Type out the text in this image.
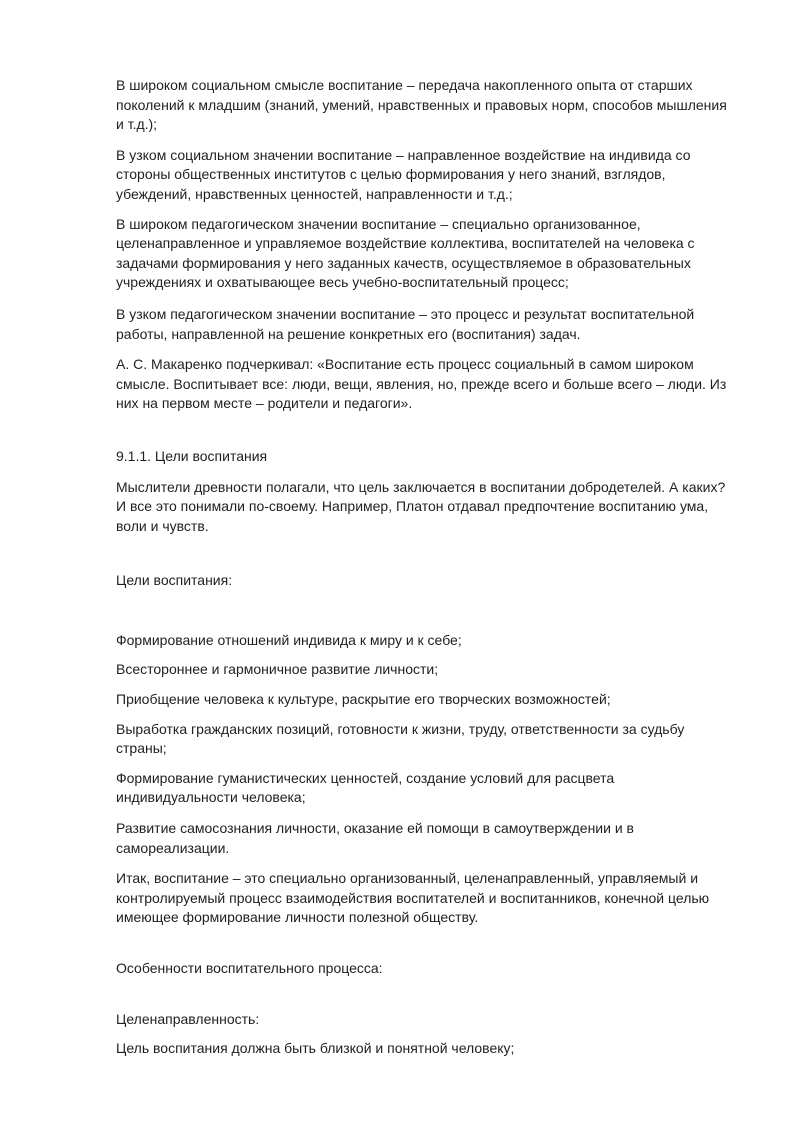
В широком социальном смысле воспитание – передача накопленного опыта от старших поколений к младшим (знаний, умений, нравственных и правовых норм, способов мышления и т.д.);

В узком социальном значении воспитание – направленное воздействие на индивида со стороны общественных институтов с целью формирования у него знаний, взглядов, убеждений, нравственных ценностей, направленности и т.д.;

В широком педагогическом значении воспитание – специально организованное, целенаправленное и управляемое воздействие коллектива, воспитателей на человека с задачами формирования у него заданных качеств, осуществляемое в образовательных учреждениях и охватывающее весь учебно-воспитательный процесс;

В узком педагогическом значении воспитание – это процесс и результат воспитательной работы, направленной на решение конкретных его (воспитания) задач.

А. С. Макаренко подчеркивал: «Воспитание есть процесс социальный в самом широком смысле. Воспитывает все: люди, вещи, явления, но, прежде всего и больше всего – люди. Из них на первом месте – родители и педагоги».

9.1.1. Цели воспитания

Мыслители древности полагали, что цель заключается в воспитании добродетелей. А каких? И все это понимали по-своему. Например, Платон отдавал предпочтение воспитанию ума, воли и чувств.

Цели воспитания:

Формирование отношений индивида к миру и к себе;

Всестороннее и гармоничное развитие личности;

Приобщение человека к культуре, раскрытие его творческих возможностей;

Выработка гражданских позиций, готовности к жизни, труду, ответственности за судьбу страны;

Формирование гуманистических ценностей, создание условий для расцвета индивидуальности человека;

Развитие самосознания личности, оказание ей помощи в самоутверждении и в самореализации.

Итак, воспитание – это специально организованный, целенаправленный, управляемый и контролируемый процесс взаимодействия воспитателей и воспитанников, конечной целью имеющее формирование личности полезной обществу.

Особенности воспитательного процесса:

Целенаправленность:

Цель воспитания должна быть близкой и понятной человеку;
